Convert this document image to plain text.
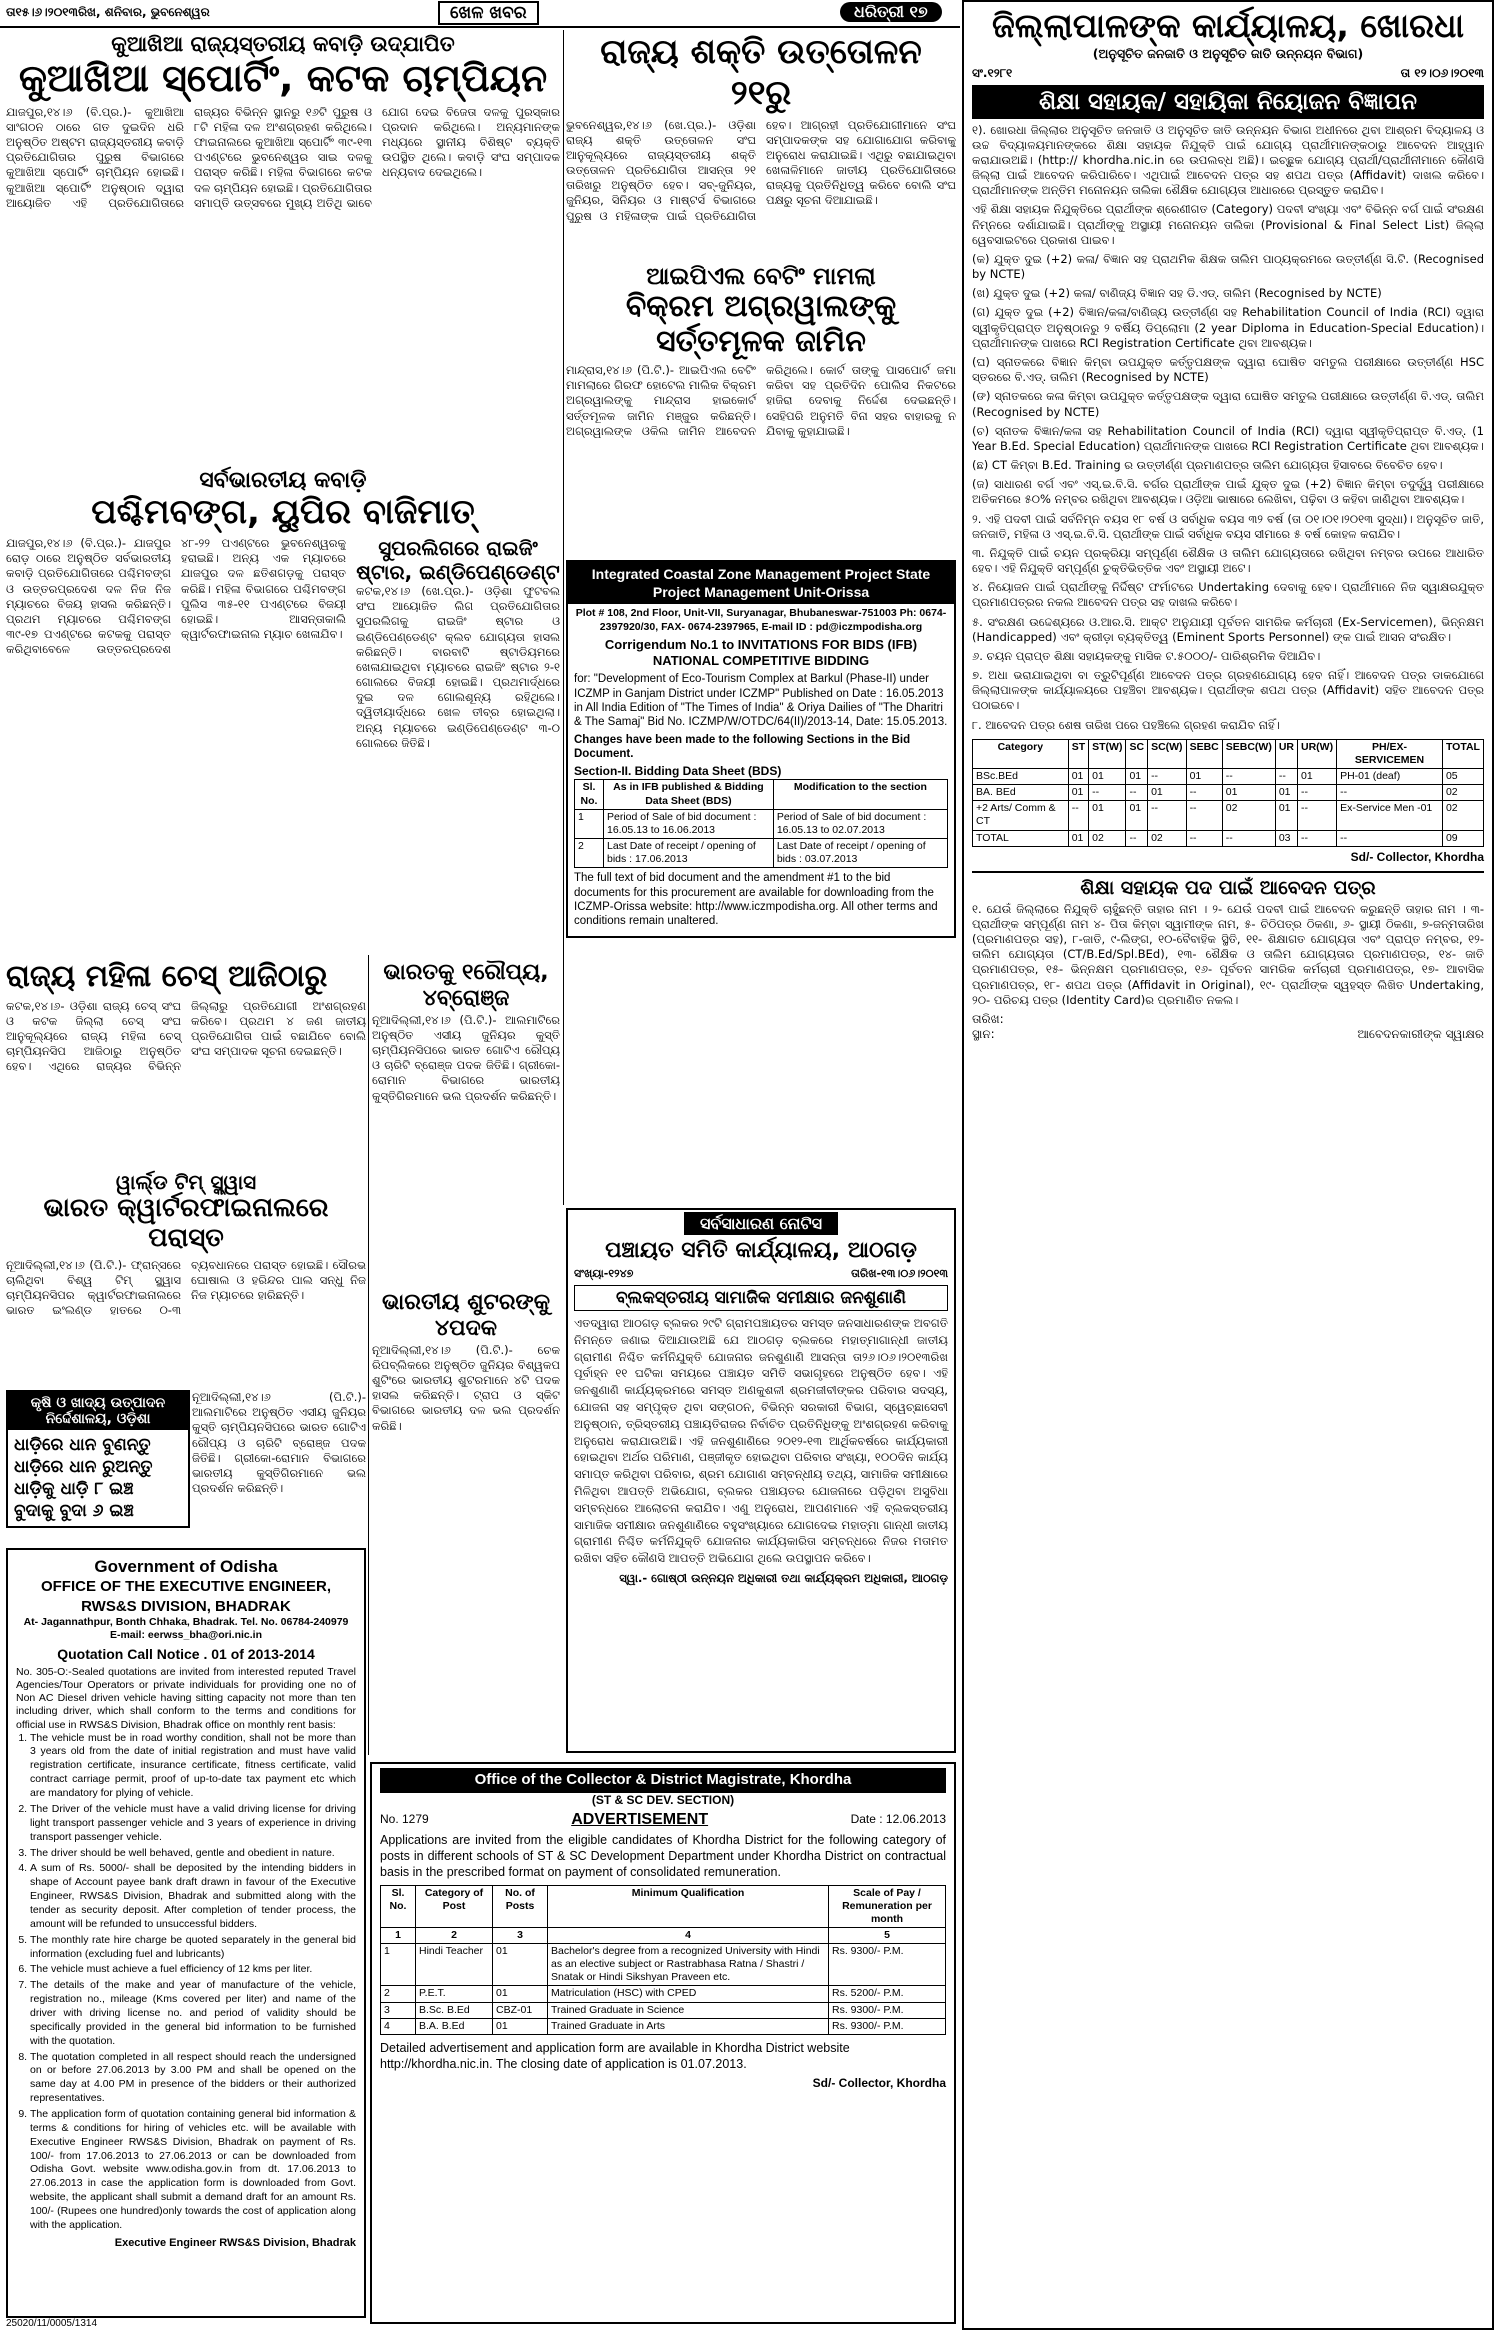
ତା୧୫।୬।୨୦୧୩ରିଖ, ଶନିବାର, ଭୁବନେଶ୍ୱର	ଖେଳ ଖବର	ଧରିତ୍ରୀ ୧୭
କୁଆଖିଆ ରାଜ୍ୟସ୍ତରୀୟ କବାଡ଼ି ଉଦ୍‌ଯାପିତ
କୁଆଖିଆ ସ୍ପୋର୍ଟିଂ, କଟକ ଚାମ୍ପିୟନ
ଯାଜପୁର,୧୪।୬ (ବି.ପ୍ର.)- କୁଆଖିଆ ସାଂଗଠନ ଠାରେ ଗତ ଦୁଇଦିନ ଧରି ଅନୁଷ୍ଠିତ ଅଷ୍ଟମ ରାଜ୍ୟସ୍ତରୀୟ କବାଡ଼ି ପ୍ରତିଯୋଗିତାର ପୁରୁଷ ବିଭାଗରେ କୁଆଖିଆ ସ୍ପୋର୍ଟିଂ ଚାମ୍ପିୟନ ହୋଇଛି। କୁଆଖିଆ ସ୍ପୋର୍ଟିଂ ଅନୁଷ୍ଠାନ ଦ୍ୱାରା ଆୟୋଜିତ ଏହି ପ୍ରତିଯୋଗିତାରେ ରାଜ୍ୟର ବିଭିନ୍ନ ସ୍ଥାନରୁ ୧୬ଟି ପୁରୁଷ ଓ ୮ଟି ମହିଳା ଦଳ ଅଂଶଗ୍ରହଣ କରିଥିଲେ। ଫାଇନାଲରେ କୁଆଖିଆ ସ୍ପୋର୍ଟିଂ ୩୯-୧୩ ପଏଣ୍ଟରେ ଭୁବନେଶ୍ୱର ସାଇ ଦଳକୁ ପରାସ୍ତ କରିଛି। ମହିଳା ବିଭାଗରେ କଟକ ଦଳ ଚାମ୍ପିୟନ ହୋଇଛି। ପ୍ରତିଯୋଗିତାର ସମାପ୍ତି ଉତ୍ସବରେ ମୁଖ୍ୟ ଅତିଥି ଭାବେ ଯୋଗ ଦେଇ ବିଜେତା ଦଳକୁ ପୁରସ୍କାର ପ୍ରଦାନ କରିଥିଲେ। ଅନ୍ୟମାନଙ୍କ ମଧ୍ୟରେ ସ୍ଥାନୀୟ ବିଶିଷ୍ଟ ବ୍ୟକ୍ତି ଉପସ୍ଥିତ ଥିଲେ। କବାଡ଼ି ସଂଘ ସମ୍ପାଦକ ଧନ୍ୟବାଦ ଦେଇଥିଲେ।
ସର୍ବଭାରତୀୟ କବାଡ଼ି
ପଶ୍ଚିମବଙ୍ଗ, ୟୁପିର ବାଜିମାତ୍
ଯାଜପୁର,୧୪।୬ (ବି.ପ୍ର.)- ଯାଜପୁର ରୋଡ଼ ଠାରେ ଅନୁଷ୍ଠିତ ସର୍ବଭାରତୀୟ କବାଡ଼ି ପ୍ରତିଯୋଗିତାରେ ପଶ୍ଚିମବଙ୍ଗ ଓ ଉତ୍ତରପ୍ରଦେଶ ଦଳ ନିଜ ନିଜ ମ୍ୟାଚରେ ବିଜୟ ହାସଲ କରିଛନ୍ତି। ପ୍ରଥମ ମ୍ୟାଚରେ ପଶ୍ଚିମବଙ୍ଗ ୩୯-୧୭ ପଏଣ୍ଟରେ କଟକକୁ ପରାସ୍ତ କରିଥିବାବେଳେ ଉତ୍ତରପ୍ରଦେଶ ୪୮-୨୨ ପଏଣ୍ଟରେ ଭୁବନେଶ୍ୱରକୁ ହରାଇଛି। ଅନ୍ୟ ଏକ ମ୍ୟାଚରେ ଯାଜପୁର ଦଳ ଛତିଶଗଡ଼କୁ ପରାସ୍ତ କରିଛି। ମହିଳା ବିଭାଗରେ ପଶ୍ଚିମବଙ୍ଗ ପୁଲିସ ୩୫-୧୧ ପଏଣ୍ଟରେ ବିଜୟୀ ହୋଇଛି। ଆସନ୍ତାକାଲି କ୍ୱାର୍ଟରଫାଇନାଲ ମ୍ୟାଚ ଖେଳାଯିବ।
ସୁପରଲିଗରେ ରାଇଜିଂ ଷ୍ଟାର, ଇଣ୍ଡିପେଣ୍ଡେଣ୍ଟ
କଟକ,୧୪।୬ (ଖେ.ପ୍ର.)- ଓଡ଼ିଶା ଫୁଟବଲ ସଂଘ ଆୟୋଜିତ ଲିଗ ପ୍ରତିଯୋଗିତାର ସୁପରଲିଗକୁ ରାଇଜିଂ ଷ୍ଟାର ଓ ଇଣ୍ଡିପେଣ୍ଡେଣ୍ଟ କ୍ଲବ ଯୋଗ୍ୟତା ହାସଲ କରିଛନ୍ତି। ବାରବାଟି ଷ୍ଟାଡିୟମରେ ଖେଳାଯାଇଥିବା ମ୍ୟାଚରେ ରାଇଜିଂ ଷ୍ଟାର ୨-୧ ଗୋଲରେ ବିଜୟୀ ହୋଇଛି। ପ୍ରଥମାର୍ଦ୍ଧରେ ଦୁଇ ଦଳ ଗୋଲଶୂନ୍ୟ ରହିଥିଲେ। ଦ୍ୱିତୀୟାର୍ଦ୍ଧରେ ଖେଳ ତୀବ୍ର ହୋଇଥିଲା। ଅନ୍ୟ ମ୍ୟାଚରେ ଇଣ୍ଡିପେଣ୍ଡେଣ୍ଟ ୩-୦ ଗୋଲରେ ଜିତିଛି।
ରାଜ୍ୟ ମହିଳା ଚେସ୍ ଆଜିଠାରୁ
କଟକ,୧୪।୬- ଓଡ଼ିଶା ରାଜ୍ୟ ଚେସ୍ ସଂଘ ଓ କଟକ ଜିଲ୍ଲା ଚେସ୍ ସଂଘ ଆନୁକୂଲ୍ୟରେ ରାଜ୍ୟ ମହିଳା ଚେସ୍ ଚାମ୍ପିୟନସିପ ଆଜିଠାରୁ ଅନୁଷ୍ଠିତ ହେବ। ଏଥିରେ ରାଜ୍ୟର ବିଭିନ୍ନ ଜିଲ୍ଲାରୁ ପ୍ରତିଯୋଗୀ ଅଂଶଗ୍ରହଣ କରିବେ। ପ୍ରଥମ ୪ ଜଣ ଜାତୀୟ ପ୍ରତିଯୋଗିତା ପାଇଁ ବଛାଯିବେ ବୋଲି ସଂଘ ସମ୍ପାଦକ ସୂଚନା ଦେଇଛନ୍ତି।
ୱାର୍ଲ୍ଡ ଟିମ୍ ସ୍କ୍ୱାସ
ଭାରତ କ୍ୱାର୍ଟରଫାଇନାଲରେ ପରାସ୍ତ
ନୂଆଦିଲ୍ଲୀ,୧୪।୬ (ପି.ଟି.)- ଫ୍ରାନ୍ସରେ ଚାଲିଥିବା ବିଶ୍ୱ ଟିମ୍ ସ୍କ୍ୱାସ ଚାମ୍ପିୟନସିପର କ୍ୱାର୍ଟରଫାଇନାଲରେ ଭାରତ ଇଂଲଣ୍ଡ ହାତରେ ୦-୩ ବ୍ୟବଧାନରେ ପରାସ୍ତ ହୋଇଛି। ସୌରଭ ଘୋଷାଲ ଓ ହରିନ୍ଦର ପାଲ ସନ୍ଧୁ ନିଜ ନିଜ ମ୍ୟାଚରେ ହାରିଛନ୍ତି।
କୃଷି ଓ ଖାଦ୍ୟ ଉତ୍ପାଦନ ନିର୍ଦ୍ଦେଶାଳୟ, ଓଡ଼ିଶା
ଧାଡ଼ିରେ ଧାନ ବୁଣନ୍ତୁ
ଧାଡ଼ିରେ ଧାନ ରୁଅନ୍ତୁ
ଧାଡ଼ିକୁ ଧାଡ଼ି ୮ ଇଞ୍ଚ
ବୁଦାକୁ ବୁଦା ୬ ଇଞ୍ଚ
ନୂଆଦିଲ୍ଲୀ,୧୪।୬ (ପି.ଟି.)- ଆଲମାଟିରେ ଅନୁଷ୍ଠିତ ଏସୀୟ ଜୁନିୟର କୁସ୍ତି ଚାମ୍ପିୟନସିପରେ ଭାରତ ଗୋଟିଏ ରୌପ୍ୟ ଓ ଚାରିଟି ବ୍ରୋଞ୍ଜ ପଦକ ଜିତିଛି। ଗ୍ରୀକୋ-ରୋମାନ ବିଭାଗରେ ଭାରତୀୟ କୁସ୍ତିଗିରମାନେ ଭଲ ପ୍ରଦର୍ଶନ କରିଛନ୍ତି।
Government of Odisha
OFFICE OF THE EXECUTIVE ENGINEER, RWS&S DIVISION, BHADRAK
At- Jagannathpur, Bonth Chhaka, Bhadrak. Tel. No. 06784-240979
E-mail: eerwss_bha@ori.nic.in
Quotation Call Notice . 01 of 2013-2014
No. 305-O:-Sealed quotations are invited from interested reputed Travel Agencies/Tour Operators or private individuals for providing one no of Non AC Diesel driven vehicle having sitting capacity not more than ten including driver, which shall conform to the terms and conditions for official use in RWS&S Division, Bhadrak office on monthly rent basis:
1. The vehicle must be in road worthy condition, shall not be more than 3 years old from the date of initial registration and must have valid registration certificate, insurance certificate, fitness certificate, valid contract carriage permit, proof of up-to-date tax payment etc which are mandatory for plying of vehicle.
2. The Driver of the vehicle must have a valid driving license for driving light transport passenger vehicle and 3 years of experience in driving transport passenger vehicle.
3. The driver should be well behaved, gentle and obedient in nature.
4. A sum of Rs. 5000/- shall be deposited by the intending bidders in shape of Account payee bank draft drawn in favour of the Executive Engineer, RWS&S Division, Bhadrak and submitted along with the tender as security deposit. After completion of tender process, the amount will be refunded to unsuccessful bidders.
5. The monthly rate hire charge be quoted separately in the general bid information (excluding fuel and lubricants)
6. The vehicle must achieve a fuel efficiency of 12 kms per liter.
7. The details of the make and year of manufacture of the vehicle, registration no., mileage (Kms covered per liter) and name of the driver with driving license no. and period of validity should be specifically provided in the general bid information to be furnished with the quotation.
8. The quotation completed in all respect should reach the undersigned on or before 27.06.2013 by 3.00 PM and shall be opened on the same day at 4.00 PM in presence of the bidders or their authorized representatives.
9. The application form of quotation containing general bid information & terms & conditions for hiring of vehicles etc. will be available with Executive Engineer RWS&S Division, Bhadrak on payment of Rs. 100/- from 17.06.2013 to 27.06.2013 or can be downloaded from Odisha Govt. website www.odisha.gov.in from dt. 17.06.2013 to 27.06.2013 in case the application form is downloaded from Govt. website, the applicant shall submit a demand draft for an amount Rs. 100/- (Rupees one hundred)only towards the cost of application along with the application.
Executive Engineer RWS&S Division, Bhadrak
25020/11/0005/1314
ଭାରତକୁ ୧ରୌପ୍ୟ, ୪ବ୍ରୋଞ୍ଜ
ନୂଆଦିଲ୍ଲୀ,୧୪।୬ (ପି.ଟି.)- ଆଲମାଟିରେ ଅନୁଷ୍ଠିତ ଏସୀୟ ଜୁନିୟର କୁସ୍ତି ଚାମ୍ପିୟନସିପରେ ଭାରତ ଗୋଟିଏ ରୌପ୍ୟ ଓ ଚାରିଟି ବ୍ରୋଞ୍ଜ ପଦକ ଜିତିଛି। ଗ୍ରୀକୋ-ରୋମାନ ବିଭାଗରେ ଭାରତୀୟ କୁସ୍ତିଗିରମାନେ ଭଲ ପ୍ରଦର୍ଶନ କରିଛନ୍ତି।
ଭାରତୀୟ ଶୁଟରଙ୍କୁ ୪ପଦକ
ନୂଆଦିଲ୍ଲୀ,୧୪।୬ (ପି.ଟି.)- ଚେକ ରିପବ୍ଲିକରେ ଅନୁଷ୍ଠିତ ଜୁନିୟର ବିଶ୍ୱକପ ଶୁଟିଂରେ ଭାରତୀୟ ଶୁଟରମାନେ ୪ଟି ପଦକ ହାସଲ କରିଛନ୍ତି। ଟ୍ରାପ ଓ ସ୍କିଟ ବିଭାଗରେ ଭାରତୀୟ ଦଳ ଭଲ ପ୍ରଦର୍ଶନ କରିଛି।
ରାଜ୍ୟ ଶକ୍ତି ଉତ୍ତୋଳନ ୨୧ରୁ
ଭୁବନେଶ୍ୱର,୧୪।୬ (ଖେ.ପ୍ର.)- ଓଡ଼ିଶା ରାଜ୍ୟ ଶକ୍ତି ଉତ୍ତୋଳନ ସଂଘ ଆନୁକୂଲ୍ୟରେ ରାଜ୍ୟସ୍ତରୀୟ ଶକ୍ତି ଉତ୍ତୋଳନ ପ୍ରତିଯୋଗିତା ଆସନ୍ତା ୨୧ ତାରିଖରୁ ଅନୁଷ୍ଠିତ ହେବ। ସବ୍-ଜୁନିୟର, ଜୁନିୟର, ସିନିୟର ଓ ମାଷ୍ଟର୍ସ ବିଭାଗରେ ପୁରୁଷ ଓ ମହିଳାଙ୍କ ପାଇଁ ପ୍ରତିଯୋଗିତା ହେବ। ଆଗ୍ରହୀ ପ୍ରତିଯୋଗୀମାନେ ସଂଘ ସମ୍ପାଦକଙ୍କ ସହ ଯୋଗାଯୋଗ କରିବାକୁ ଅନୁରୋଧ କରାଯାଇଛି। ଏଥିରୁ ବଛାଯାଇଥିବା ଖେଳାଳିମାନେ ଜାତୀୟ ପ୍ରତିଯୋଗିତାରେ ରାଜ୍ୟକୁ ପ୍ରତିନିଧିତ୍ୱ କରିବେ ବୋଲି ସଂଘ ପକ୍ଷରୁ ସୂଚନା ଦିଆଯାଇଛି।
ଆଇପିଏଲ ବେଟିଂ ମାମଲା
ବିକ୍ରମ ଅଗ୍ରୱାଲଙ୍କୁ ସର୍ତ୍ତମୂଳକ ଜାମିନ
ମାନ୍ଦ୍ରାସ,୧୪।୬ (ପି.ଟି.)- ଆଇପିଏଲ ବେଟିଂ ମାମଲାରେ ଗିରଫ ହୋଟେଲ ମାଲିକ ବିକ୍ରମ ଅଗ୍ରୱାଲଙ୍କୁ ମାନ୍ଦ୍ରାସ ହାଇକୋର୍ଟ ସର୍ତ୍ତମୂଳକ ଜାମିନ ମଞ୍ଜୁର କରିଛନ୍ତି। ଅଗ୍ରୱାଲଙ୍କ ଓକିଲ ଜାମିନ ଆବେଦନ କରିଥିଲେ। କୋର୍ଟ ତାଙ୍କୁ ପାସପୋର୍ଟ ଜମା କରିବା ସହ ପ୍ରତିଦିନ ପୋଲିସ ନିକଟରେ ହାଜିରା ଦେବାକୁ ନିର୍ଦ୍ଦେଶ ଦେଇଛନ୍ତି। ସେହିପରି ଅନୁମତି ବିନା ସହର ବାହାରକୁ ନ ଯିବାକୁ କୁହାଯାଇଛି।
Integrated Coastal Zone Management Project State Project Management Unit-Orissa
Plot # 108, 2nd Floor, Unit-VII, Suryanagar, Bhubaneswar-751003 Ph: 0674-2397920/30, FAX- 0674-2397965, E-mail ID : pd@iczmpodisha.org
Corrigendum No.1 to INVITATIONS FOR BIDS (IFB) NATIONAL COMPETITIVE BIDDING
for: "Development of Eco-Tourism Complex at Barkul (Phase-II) under ICZMP in Ganjam District under ICZMP" Published on Date : 16.05.2013 in All India Edition of "The Times of India" & Oriya Dailies of "The Dharitri & The Samaj" Bid No. ICZMP/W/OTDC/64(II)/2013-14, Date: 15.05.2013.
Changes have been made to the following Sections in the Bid Document.
Section-II. Bidding Data Sheet (BDS)
Sl. No.	As in IFB published & Bidding Data Sheet (BDS)	Modification to the section
1	Period of Sale of bid document : 16.05.13 to 16.06.2013	Period of Sale of bid document : 16.05.13 to 02.07.2013
2	Last Date of receipt / opening of bids : 17.06.2013	Last Date of receipt / opening of bids : 03.07.2013
The full text of bid document and the amendment #1 to the bid documents for this procurement are available for downloading from the ICZMP-Orissa website: http://www.iczmpodisha.org. All other terms and conditions remain unaltered.
ସର୍ବସାଧାରଣ ନୋଟିସ
ପଞ୍ଚାୟତ ସମିତି କାର୍ଯ୍ୟାଳୟ, ଆଠଗଡ଼
ସଂଖ୍ୟା-୧୨୪୭	ତାରିଖ-୧୩।୦୬।୨୦୧୩
ବ୍ଲକସ୍ତରୀୟ ସାମାଜିକ ସମୀକ୍ଷାର ଜନଶୁଣାଣି
ଏତଦ୍ୱାରା ଆଠଗଡ଼ ବ୍ଲକର ୨୯ଟି ଗ୍ରାମପଞ୍ଚାୟତର ସମସ୍ତ ଜନସାଧାରଣଙ୍କ ଅବଗତି ନିମନ୍ତେ ଜଣାଇ ଦିଆଯାଉଅଛି ଯେ ଆଠଗଡ଼ ବ୍ଲକରେ ମହାତ୍ମାଗାନ୍ଧୀ ଜାତୀୟ ଗ୍ରାମୀଣ ନିଶ୍ଚିତ କର୍ମନିଯୁକ୍ତି ଯୋଜନାର ଜନଶୁଣାଣି ଆସନ୍ତା ତା୨୬।୦୬।୨୦୧୩ରିଖ ପୂର୍ବାହ୍ନ ୧୧ ଘଟିକା ସମୟରେ ପଞ୍ଚାୟତ ସମିତି ସଭାଗୃହରେ ଅନୁଷ୍ଠିତ ହେବ। ଏହି ଜନଶୁଣାଣି କାର୍ଯ୍ୟକ୍ରମରେ ସମସ୍ତ ଅଣକୁଶଳୀ ଶ୍ରମଜୀବୀଙ୍କର ପରିବାର ସଦସ୍ୟ, ଯୋଜନା ସହ ସମ୍ପୃକ୍ତ ଥିବା ସଙ୍ଗଠନ, ବିଭିନ୍ନ ସରକାରୀ ବିଭାଗ, ସ୍ୱେଚ୍ଛାସେବୀ ଅନୁଷ୍ଠାନ, ତ୍ରିସ୍ତରୀୟ ପଞ୍ଚାୟତିରାଜର ନିର୍ବାଚିତ ପ୍ରତିନିଧିଙ୍କୁ ଅଂଶଗ୍ରହଣ କରିବାକୁ ଅନୁରୋଧ କରାଯାଉଅଛି। ଏହି ଜନଶୁଣାଣିରେ ୨୦୧୨-୧୩ ଆର୍ଥିକବର୍ଷରେ କାର୍ଯ୍ୟକାରୀ ହୋଇଥିବା ଅର୍ଥର ପରିମାଣ, ପଞ୍ଜୀକୃତ ହୋଇଥିବା ପରିବାର ସଂଖ୍ୟା, ୧୦୦ଦିନ କାର୍ଯ୍ୟ ସମାପ୍ତ କରିଥିବା ପରିବାର, ଶ୍ରମ ଯୋଗାଣ ସମ୍ବନ୍ଧୀୟ ତଥ୍ୟ, ସାମାଜିକ ସମୀକ୍ଷାରେ ମିଳିଥିବା ଆପତ୍ତି ଅଭିଯୋଗ, ବ୍ଲକର ପଞ୍ଚାୟତର ଯୋଜନାରେ ପଡ଼ିଥିବା ଅସୁବିଧା ସମ୍ବନ୍ଧରେ ଆଲୋଚନା କରାଯିବ। ଏଣୁ ଅନୁରୋଧ, ଆପଣମାନେ ଏହି ବ୍ଲକସ୍ତରୀୟ ସାମାଜିକ ସମୀକ୍ଷାର ଜନଶୁଣାଣିରେ ବହୁସଂଖ୍ୟାରେ ଯୋଗଦେଇ ମହାତ୍ମା ଗାନ୍ଧୀ ଜାତୀୟ ଗ୍ରାମୀଣ ନିଶ୍ଚିତ କର୍ମନିଯୁକ୍ତି ଯୋଜନାର କାର୍ଯ୍ୟକାରିତା ସମ୍ବନ୍ଧରେ ନିଜର ମତାମତ ରଖିବା ସହିତ କୌଣସି ଆପତ୍ତି ଅଭିଯୋଗ ଥିଲେ ଉପସ୍ଥାପନ କରିବେ।
ସ୍ୱା.- ଗୋଷ୍ଠୀ ଉନ୍ନୟନ ଅଧିକାରୀ ତଥା କାର୍ଯ୍ୟକ୍ରମ ଅଧିକାରୀ, ଆଠଗଡ଼
Office of the Collector & District Magistrate, Khordha
(ST & SC DEV. SECTION)
No. 1279	ADVERTISEMENT	Date : 12.06.2013
Applications are invited from the eligible candidates of Khordha District for the following category of posts in different schools of ST & SC Development Department under Khordha District on contractual basis in the prescribed format on payment of consolidated remuneration.
Sl. No.	Category of Post	No. of Posts	Minimum Qualification	Scale of Pay / Remuneration per month
1	2	3	4	5
1	Hindi Teacher	01	Bachelor's degree from a recognized University with Hindi as an elective subject or Rastrabhasa Ratna / Shastri / Snatak or Hindi Sikshyan Praveen etc.	Rs. 9300/- P.M.
2	P.E.T.	01	Matriculation (HSC) with CPED	Rs. 5200/- P.M.
3	B.Sc. B.Ed	CBZ-01	Trained Graduate in Science	Rs. 9300/- P.M.
4	B.A. B.Ed	01	Trained Graduate in Arts	Rs. 9300/- P.M.
Detailed advertisement and application form are available in Khordha District website http://khordha.nic.in. The closing date of application is 01.07.2013.
Sd/- Collector, Khordha
ଜିଲ୍ଲାପାଳଙ୍କ କାର୍ଯ୍ୟାଳୟ, ଖୋରଧା
(ଅନୁସୂଚିତ ଜନଜାତି ଓ ଅନୁସୂଚିତ ଜାତି ଉନ୍ନୟନ ବିଭାଗ)
ସଂ.୧୨୮୧	ତା ୧୨।୦୬।୨୦୧୩
ଶିକ୍ଷା ସହାୟକ/ ସହାୟିକା ନିୟୋଜନ ବିଜ୍ଞାପନ

୧). ଖୋରଧା ଜିଲ୍ଲାର ଅନୁସୂଚିତ ଜନଜାତି ଓ ଅନୁସୂଚିତ ଜାତି ଉନ୍ନୟନ ବିଭାଗ ଅଧୀନରେ ଥିବା ଆଶ୍ରମ ବିଦ୍ୟାଳୟ ଓ ଉଚ୍ଚ ବିଦ୍ୟାଳୟମାନଙ୍କରେ ଶିକ୍ଷା ସହାୟକ ନିଯୁକ୍ତି ପାଇଁ ଯୋଗ୍ୟ ପ୍ରାର୍ଥୀମାନଙ୍କଠାରୁ ଆବେଦନ ଆହ୍ୱାନ କରାଯାଉଅଛି। (http:// khordha.nic.in ରେ ଉପଲବ୍ଧ ଅଛି)। ଇଚ୍ଛୁକ ଯୋଗ୍ୟ ପ୍ରାର୍ଥୀ/ପ୍ରାର୍ଥୀନୀମାନେ କୌଣସି ଜିଲ୍ଲା ପାଇଁ ଆବେଦନ କରିପାରିବେ। ଏଥିପାଇଁ ଆବେଦନ ପତ୍ର ସହ ଶପଥ ପତ୍ର (Affidavit) ଦାଖଲ କରିବେ। ପ୍ରାର୍ଥୀମାନଙ୍କ ଅନ୍ତିମ ମନୋନୟନ ତାଲିକା ଶୈକ୍ଷିକ ଯୋଗ୍ୟତା ଆଧାରରେ ପ୍ରସ୍ତୁତ କରାଯିବ।

ଏହି ଶିକ୍ଷା ସହାୟକ ନିଯୁକ୍ତିରେ ପ୍ରାର୍ଥୀଙ୍କ ଶ୍ରେଣୀଗତ (Category) ପଦବୀ ସଂଖ୍ୟା ଏବଂ ବିଭିନ୍ନ ବର୍ଗ ପାଇଁ ସଂରକ୍ଷଣ ନିମ୍ନରେ ଦର୍ଶାଯାଇଛି। ପ୍ରାର୍ଥୀଙ୍କୁ ଅସ୍ଥାୟୀ ମନୋନୟନ ତାଲିକା (Provisional & Final Select List) ଜିଲ୍ଲା ୱେବସାଇଟରେ ପ୍ରକାଶ ପାଇବ।

(କ) ଯୁକ୍ତ ଦୁଇ (+2) କଳା/ ବିଜ୍ଞାନ ସହ ପ୍ରାଥମିକ ଶିକ୍ଷକ ତାଲିମ ପାଠ୍ୟକ୍ରମରେ ଉତ୍ତୀର୍ଣ୍ଣ ସି.ଟି. (Recognised by NCTE)

(ଖ) ଯୁକ୍ତ ଦୁଇ (+2) କଳା/ ବାଣିଜ୍ୟ ବିଜ୍ଞାନ ସହ ଡି.ଏଡ୍. ତାଲିମ (Recognised by NCTE)

(ଗ) ଯୁକ୍ତ ଦୁଇ (+2) ବିଜ୍ଞାନ/କଳା/ବାଣିଜ୍ୟ ଉତ୍ତୀର୍ଣ୍ଣ ସହ Rehabilitation Council of India (RCI) ଦ୍ୱାରା ସ୍ୱୀକୃତିପ୍ରାପ୍ତ ଅନୁଷ୍ଠାନରୁ ୨ ବର୍ଷିୟ ଡିପ୍ଲୋମା (2 year Diploma in Education-Special Education)। ପ୍ରାର୍ଥୀମାନଙ୍କ ପାଖରେ RCI Registration Certificate ଥିବା ଆବଶ୍ୟକ।

(ଘ) ସ୍ନାତକରେ ବିଜ୍ଞାନ କିମ୍ବା ଉପଯୁକ୍ତ କର୍ତ୍ତୃପକ୍ଷଙ୍କ ଦ୍ୱାରା ଘୋଷିତ ସମତୁଲ ପରୀକ୍ଷାରେ ଉତ୍ତୀର୍ଣ୍ଣ HSC ସ୍ତରରେ ବି.ଏଡ୍. ତାଲିମ (Recognised by NCTE)

(ଙ) ସ୍ନାତକରେ କଳା କିମ୍ବା ଉପଯୁକ୍ତ କର୍ତ୍ତୃପକ୍ଷଙ୍କ ଦ୍ୱାରା ଘୋଷିତ ସମତୁଲ ପରୀକ୍ଷାରେ ଉତ୍ତୀର୍ଣ୍ଣ ବି.ଏଡ୍. ତାଲିମ (Recognised by NCTE)

(ଚ) ସ୍ନାତକ ବିଜ୍ଞାନ/କଳା ସହ Rehabilitation Council of India (RCI) ଦ୍ୱାରା ସ୍ୱୀକୃତିପ୍ରାପ୍ତ ବି.ଏଡ୍. (1 Year B.Ed. Special Education) ପ୍ରାର୍ଥୀମାନଙ୍କ ପାଖରେ RCI Registration Certificate ଥିବା ଆବଶ୍ୟକ।

(ଛ) CT କିମ୍ବା B.Ed. Training ର ଉତ୍ତୀର୍ଣ୍ଣ ପ୍ରମାଣପତ୍ର ତାଲିମ ଯୋଗ୍ୟତା ହିସାବରେ ବିବେଚିତ ହେବ।

(ଜ) ସାଧାରଣ ବର୍ଗ ଏବଂ ଏସ୍.ଇ.ବି.ସି. ବର୍ଗର ପ୍ରାର୍ଥୀଙ୍କ ପାଇଁ ଯୁକ୍ତ ଦୁଇ (+2) ବିଜ୍ଞାନ କିମ୍ବା ତଦୁର୍ଦ୍ଧ୍ୱ ପରୀକ୍ଷାରେ ଅତିକମରେ ୫୦% ନମ୍ବର ରଖିଥିବା ଆବଶ୍ୟକ। ଓଡ଼ିଆ ଭାଷାରେ ଲେଖିବା, ପଢ଼ିବା ଓ କହିବା ଜାଣିଥିବା ଆବଶ୍ୟକ।

୨. ଏହି ପଦବୀ ପାଇଁ ସର୍ବନିମ୍ନ ବୟସ ୧୮ ବର୍ଷ ଓ ସର୍ବାଧିକ ବୟସ ୩୨ ବର୍ଷ (ତା ୦୧।୦୧।୨୦୧୩ ସୁଦ୍ଧା)। ଅନୁସୂଚିତ ଜାତି, ଜନଜାତି, ମହିଳା ଓ ଏସ୍.ଇ.ବି.ସି. ପ୍ରାର୍ଥୀଙ୍କ ପାଇଁ ସର୍ବାଧିକ ବୟସ ସୀମାରେ ୫ ବର୍ଷ କୋହଳ କରାଯିବ।

୩. ନିଯୁକ୍ତି ପାଇଁ ଚୟନ ପ୍ରକ୍ରିୟା ସମ୍ପୂର୍ଣ୍ଣ ଶୈକ୍ଷିକ ଓ ତାଲିମ ଯୋଗ୍ୟତାରେ ରଖିଥିବା ନମ୍ବର ଉପରେ ଆଧାରିତ ହେବ। ଏହି ନିଯୁକ୍ତି ସମ୍ପୂର୍ଣ୍ଣ ଚୁକ୍ତିଭିତ୍ତିକ ଏବଂ ଅସ୍ଥାୟୀ ଅଟେ।

୪. ନିୟୋଜନ ପାଇଁ ପ୍ରାର୍ଥୀଙ୍କୁ ନିର୍ଦ୍ଦିଷ୍ଟ ଫର୍ମାଟରେ Undertaking ଦେବାକୁ ହେବ। ପ୍ରାର୍ଥୀମାନେ ନିଜ ସ୍ୱାକ୍ଷରଯୁକ୍ତ ପ୍ରମାଣପତ୍ରର ନକଲ ଆବେଦନ ପତ୍ର ସହ ଦାଖଲ କରିବେ।

୫. ସଂରକ୍ଷଣ ଉଦ୍ଦେଶ୍ୟରେ ଓ.ଆର.ସି. ଆକ୍ଟ ଅନୁଯାୟୀ ପୂର୍ବତନ ସାମରିକ କର୍ମଚାରୀ (Ex-Servicemen), ଭିନ୍ନକ୍ଷମ (Handicapped) ଏବଂ କ୍ରୀଡ଼ା ବ୍ୟକ୍ତିତ୍ୱ (Eminent Sports Personnel) ଙ୍କ ପାଇଁ ଆସନ ସଂରକ୍ଷିତ।

୬. ଚୟନ ପ୍ରାପ୍ତ ଶିକ୍ଷା ସହାୟକଙ୍କୁ ମାସିକ ଟ.୫୦୦୦/- ପାରିଶ୍ରମିକ ଦିଆଯିବ।

୭. ଅଧା ଭରାଯାଇଥିବା ବା ତ୍ରୁଟିପୂର୍ଣ୍ଣ ଆବେଦନ ପତ୍ର ଗ୍ରହଣଯୋଗ୍ୟ ହେବ ନାହିଁ। ଆବେଦନ ପତ୍ର ଡାକଯୋଗେ ଜିଲ୍ଲାପାଳଙ୍କ କାର୍ଯ୍ୟାଳୟରେ ପହଞ୍ଚିବା ଆବଶ୍ୟକ। ପ୍ରାର୍ଥୀଙ୍କ ଶପଥ ପତ୍ର (Affidavit) ସହିତ ଆବେଦନ ପତ୍ର ପଠାଇବେ।

୮. ଆବେଦନ ପତ୍ର ଶେଷ ତାରିଖ ପରେ ପହଞ୍ଚିଲେ ଗ୍ରହଣ କରାଯିବ ନାହିଁ।

Category	ST	ST(W)	SC	SC(W)	SEBC	SEBC(W)	UR	UR(W)	PH/EX-SERVICEMEN	TOTAL
BSc.BEd	01	01	01	--	01	--	--	01	PH-01 (deaf)	05
BA. BEd	01	--	--	01	--	01	01	--	--	02
+2 Arts/ Comm & CT	--	01	01	--	--	02	01	--	Ex-Service Men -01	02
TOTAL	01	02	--	02	--	--	03	--	--	09
Sd/- Collector, Khordha
ଶିକ୍ଷା ସହାୟକ ପଦ ପାଇଁ ଆବେଦନ ପତ୍ର
୧. ଯେଉଁ ଜିଲ୍ଲାରେ ନିଯୁକ୍ତି ଚାହୁଁଛନ୍ତି ତାହାର ନାମ । ୨- ଯେଉଁ ପଦବୀ ପାଇଁ ଆବେଦନ କରୁଛନ୍ତି ତାହାର ନାମ । ୩- ପ୍ରାର୍ଥୀଙ୍କ ସମ୍ପୂର୍ଣ୍ଣ ନାମ ୪- ପିତା କିମ୍ବା ସ୍ୱାମୀଙ୍କ ନାମ, ୫- ଚିଠିପତ୍ର ଠିକଣା, ୬- ସ୍ଥାୟୀ ଠିକଣା, ୭-ଜନ୍ମତାରିଖ (ପ୍ରମାଣପତ୍ର ସହ), ୮-ଜାତି, ୯-ଲିଙ୍ଗ, ୧୦-ବୈବାହିକ ସ୍ଥିତି, ୧୧- ଶିକ୍ଷାଗତ ଯୋଗ୍ୟତା ଏବଂ ପ୍ରାପ୍ତ ନମ୍ବର, ୧୨- ତାଲିମ ଯୋଗ୍ୟତା (CT/B.Ed/Spl.BEd), ୧୩- ଶୈକ୍ଷିକ ଓ ତାଲିମ ଯୋଗ୍ୟତାର ପ୍ରମାଣପତ୍ର, ୧୪- ଜାତି ପ୍ରମାଣପତ୍ର, ୧୫- ଭିନ୍ନକ୍ଷମ ପ୍ରମାଣପତ୍ର, ୧୬- ପୂର୍ବତନ ସାମରିକ କର୍ମଚାରୀ ପ୍ରମାଣପତ୍ର, ୧୭- ଆବାସିକ ପ୍ରମାଣପତ୍ର, ୧୮- ଶପଥ ପତ୍ର (Affidavit in Original), ୧୯- ପ୍ରାର୍ଥୀଙ୍କ ସ୍ୱହସ୍ତ ଲିଖିତ Undertaking, ୨୦- ପରିଚୟ ପତ୍ର (Identity Card)ର ପ୍ରମାଣିତ ନକଲ।
ତାରିଖ:
ସ୍ଥାନ:	ଆବେଦନକାରୀଙ୍କ ସ୍ୱାକ୍ଷର
